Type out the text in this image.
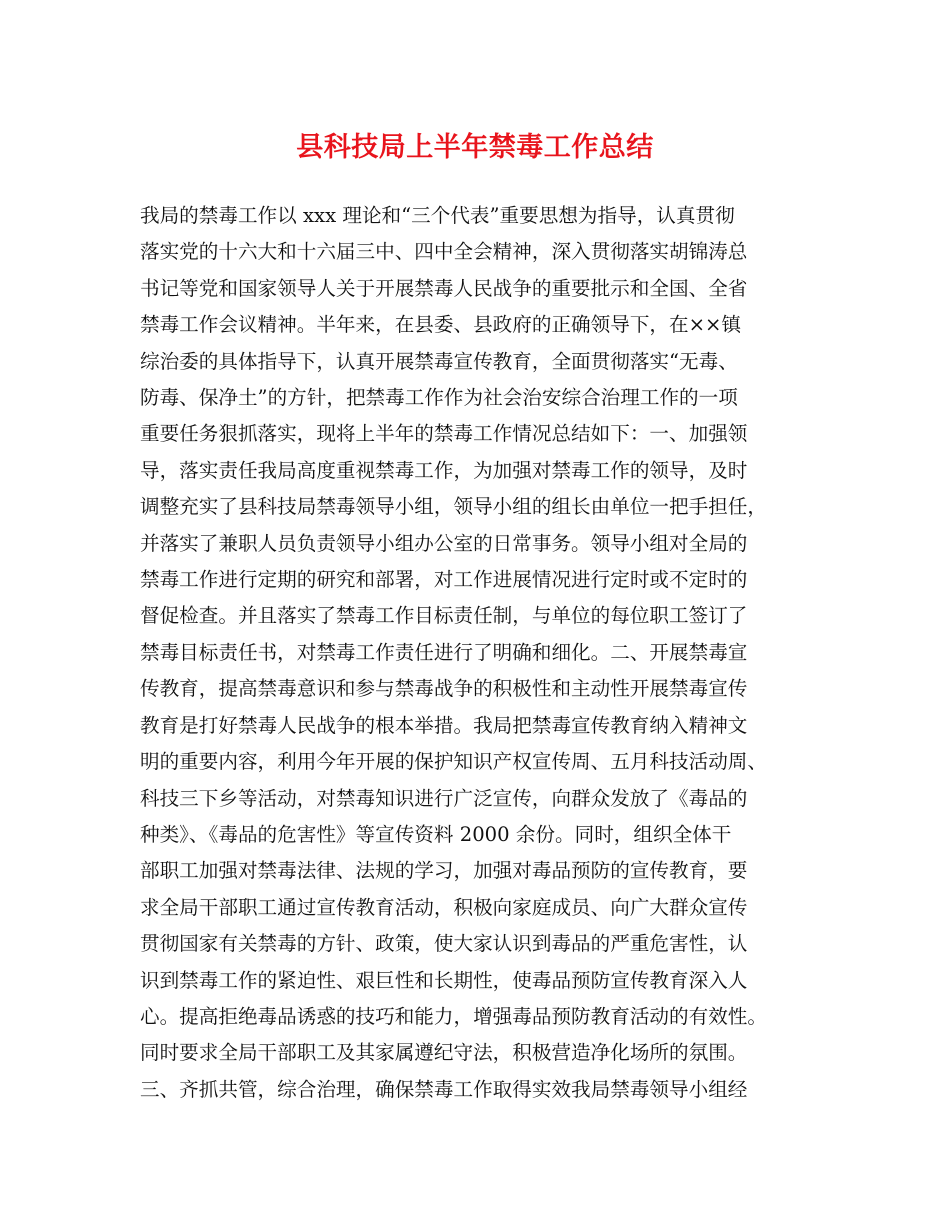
县科技局上半年禁毒工作总结
我局的禁毒工作以 xxx 理论和“三个代表”重要思想为指导，认真贯彻
落实党的十六大和十六届三中、四中全会精神，深入贯彻落实胡锦涛总
书记等党和国家领导人关于开展禁毒人民战争的重要批示和全国、全省
禁毒工作会议精神。半年来，在县委、县政府的正确领导下，在××镇
综治委的具体指导下，认真开展禁毒宣传教育，全面贯彻落实“无毒、
防毒、保净土”的方针，把禁毒工作作为社会治安综合治理工作的一项
重要任务狠抓落实，现将上半年的禁毒工作情况总结如下：一、加强领
导，落实责任我局高度重视禁毒工作，为加强对禁毒工作的领导，及时
调整充实了县科技局禁毒领导小组，领导小组的组长由单位一把手担任，
并落实了兼职人员负责领导小组办公室的日常事务。领导小组对全局的
禁毒工作进行定期的研究和部署，对工作进展情况进行定时或不定时的
督促检查。并且落实了禁毒工作目标责任制，与单位的每位职工签订了
禁毒目标责任书，对禁毒工作责任进行了明确和细化。二、开展禁毒宣
传教育，提高禁毒意识和参与禁毒战争的积极性和主动性开展禁毒宣传
教育是打好禁毒人民战争的根本举措。我局把禁毒宣传教育纳入精神文
明的重要内容，利用今年开展的保护知识产权宣传周、五月科技活动周、
科技三下乡等活动，对禁毒知识进行广泛宣传，向群众发放了《毒品的
种类》、《毒品的危害性》等宣传资料 2000 余份。同时，组织全体干
部职工加强对禁毒法律、法规的学习，加强对毒品预防的宣传教育，要
求全局干部职工通过宣传教育活动，积极向家庭成员、向广大群众宣传
贯彻国家有关禁毒的方针、政策，使大家认识到毒品的严重危害性，认
识到禁毒工作的紧迫性、艰巨性和长期性，使毒品预防宣传教育深入人
心。提高拒绝毒品诱惑的技巧和能力，增强毒品预防教育活动的有效性。
同时要求全局干部职工及其家属遵纪守法，积极营造净化场所的氛围。
三、齐抓共管，综合治理，确保禁毒工作取得实效我局禁毒领导小组经
